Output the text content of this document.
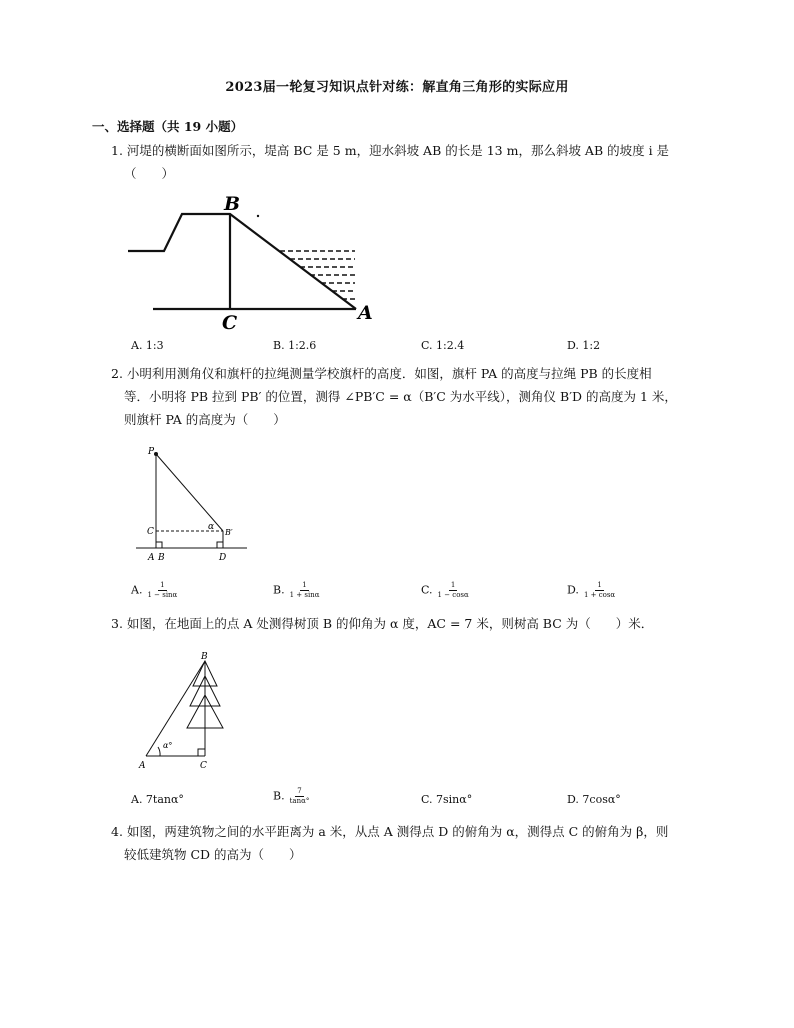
2023届一轮复习知识点针对练：解直角三角形的实际应用
一、选择题（共 19 小题）
1. 河堤的横断面如图所示，堤高 BC 是 5 m，迎水斜坡 AB 的长是 13 m，那么斜坡 AB 的坡度 i 是
（　　）
B
C	A
A. 1:3	B. 1:2.6	C. 1:2.4	D. 1:2
2. 小明利用测角仪和旗杆的拉绳测量学校旗杆的高度．如图，旗杆 PA 的高度与拉绳 PB 的长度相
等．小明将 PB 拉到 PB′ 的位置，测得 ∠PB′C = α（B′C 为水平线），测角仪 B′D 的高度为 1 米，
则旗杆 PA 的高度为（　　）
P
C	α
B′
A B	D
A. $\frac{1}{1 - \sin\alpha}$	B. $\frac{1}{1 + \sin\alpha}$	C. $\frac{1}{1 - \cos\alpha}$	D. $\frac{1}{1 + \cos\alpha}$
3. 如图，在地面上的点 A 处测得树顶 B 的仰角为 α 度，AC = 7 米，则树高 BC 为（　　）米．
B
α°
A	C
A. 7tanα°	B. $\frac{7}{\tan\alpha^\circ}$	C. 7sinα°	D. 7cosα°
4. 如图，两建筑物之间的水平距离为 a 米，从点 A 测得点 D 的俯角为 α，测得点 C 的俯角为 β，则
较低建筑物 CD 的高为（　　）
